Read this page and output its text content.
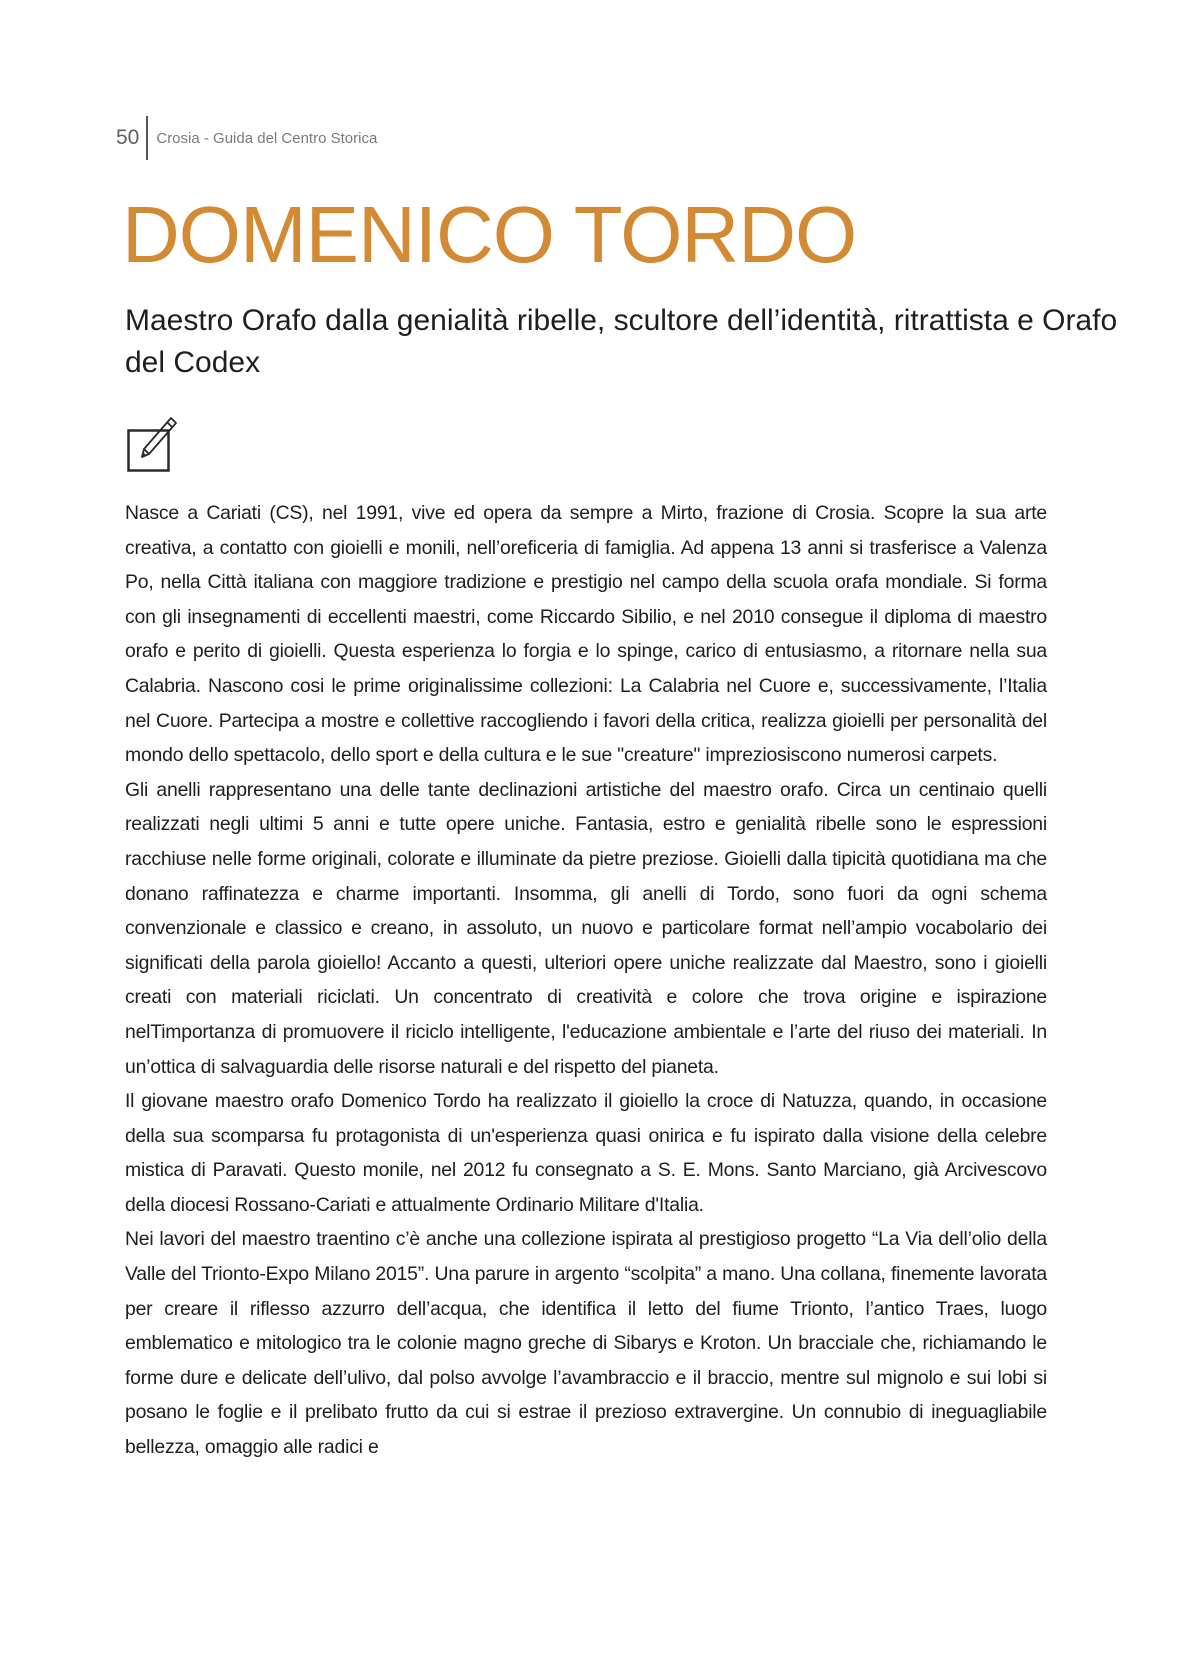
50	Crosia - Guida del Centro Storica
DOMENICO TORDO
Maestro Orafo dalla genialità ribelle, scultore dell’identità, ritrattista e Orafo del Codex

Nasce a Cariati (CS), nel 1991, vive ed opera da sempre a Mirto, frazione di Crosia. Scopre la sua arte creativa, a contatto con gioielli e monili, nell’oreficeria di famiglia. Ad appena 13 anni si trasferisce a Valenza Po, nella Città italiana con maggiore tradizione e prestigio nel campo della scuola orafa mondiale. Si forma con gli insegnamenti di eccellenti maestri, come Riccardo Sibilio, e nel 2010 consegue il diploma di maestro orafo e perito di gioielli. Questa esperienza lo forgia e lo spinge, carico di entusiasmo, a ritornare nella sua Calabria. Nascono cosi le prime originalissime collezioni: La Calabria nel Cuore e, successivamente, l’Italia nel Cuore. Partecipa a mostre e collettive raccogliendo i favori della critica, realizza gioielli per personalità del mondo dello spettacolo, dello sport e della cultura e le sue "creature" impreziosiscono numerosi carpets.

Gli anelli rappresentano una delle tante declinazioni artistiche del maestro orafo. Circa un centinaio quelli realizzati negli ultimi 5 anni e tutte opere uniche. Fantasia, estro e genialità ribelle sono le espressioni racchiuse nelle forme originali, colorate e illuminate da pietre preziose. Gioielli dalla tipicità quotidiana ma che donano raffinatezza e charme importanti. Insomma, gli anelli di Tordo, sono fuori da ogni schema convenzionale e classico e creano, in assoluto, un nuovo e particolare format nell’ampio vocabolario dei significati della parola gioiello! Accanto a questi, ulteriori opere uniche realizzate dal Maestro, sono i gioielli creati con materiali riciclati. Un concentrato di creatività e colore che trova origine e ispirazione nelTimportanza di promuovere il riciclo intelligente, l'educazione ambientale e l’arte del riuso dei materiali. In un’ottica di salvaguardia delle risorse naturali e del rispetto del pianeta.

Il giovane maestro orafo Domenico Tordo ha realizzato il gioiello la croce di Natuzza, quando, in occasione della sua scomparsa fu protagonista di un'esperienza quasi onirica e fu ispirato dalla visione della celebre mistica di Paravati. Questo monile, nel 2012 fu consegnato a S. E. Mons. Santo Marciano, già Arcivescovo della diocesi Rossano-Cariati e attualmente Ordinario Militare d'Italia.

Nei lavori del maestro traentino c’è anche una collezione ispirata al prestigioso progetto “La Via dell’olio della Valle del Trionto-Expo Milano 2015”. Una parure in argento “scolpita” a mano. Una collana, finemente lavorata per creare il riflesso azzurro dell’acqua, che identifica il letto del fiume Trionto, l’antico Traes, luogo emblematico e mitologico tra le colonie magno greche di Sibarys e Kroton. Un bracciale che, richiamando le forme dure e delicate dell’ulivo, dal polso avvolge l’avambraccio e il braccio, mentre sul mignolo e sui lobi si posano le foglie e il prelibato frutto da cui si estrae il prezioso extravergine. Un connubio di ineguagliabile bellezza, omaggio alle radici e
